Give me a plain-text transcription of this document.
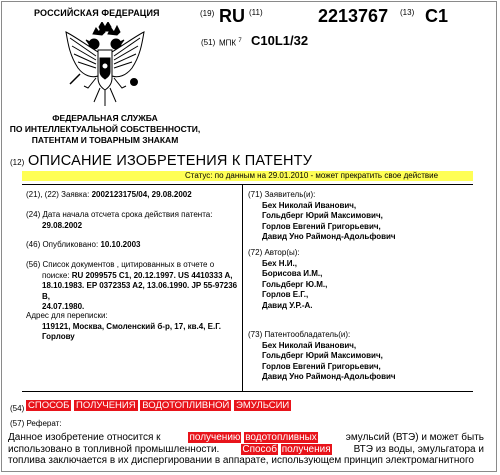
РОССИЙСКАЯ ФЕДЕРАЦИЯ	(19) RU (11)	2213767 (13) C1
(51) МПК $^7$ C10L1/32
ФЕДЕРАЛЬНАЯ СЛУЖБА
ПО ИНТЕЛЛЕКТУАЛЬНОЙ СОБСТВЕННОСТИ,
ПАТЕНТАМ И ТОВАРНЫМ ЗНАКАМ
(12) ОПИСАНИЕ ИЗОБРЕТЕНИЯ К ПАТЕНТУ
Статус: по данным на 29.01.2010 - может прекратить свое действие
(21), (22) Заявка: 2002123175/04, 29.08.2002
(24) Дата начала отсчета срока действия патента:
29.08.2002
(46) Опубликовано: 10.10.2003
(56) Список документов , цитированных в отчете о
поиске: RU 2099575 C1, 20.12.1997. US 4410333 A,
18.10.1983. EP 0372353 A2, 13.06.1990. JP 55-97236 B,
24.07.1980.
Адрес для переписки:
119121, Москва, Смоленский б-р, 17, кв.4, Е.Г.
Горлову
(71) Заявитель(и):
Бех Николай Иванович,
Гольдберг Юрий Максимович,
Горлов Евгений Григорьевич,
Давид Уно Раймонд-Адольфович
(72) Автор(ы):
Бех Н.И.,
Борисова И.М.,
Гольдберг Ю.М.,
Горлов Е.Г.,
Давид У.Р.-А.
(73) Патентообладатель(и):
Бех Николай Иванович,
Гольдберг Юрий Максимович,
Горлов Евгений Григорьевич,
Давид Уно Раймонд-Адольфович
(54) СПОСОБ ПОЛУЧЕНИЯ ВОДОТОПЛИВНОЙ ЭМУЛЬСИИ
(57) Реферат:
Данное изобретение относится к	получению водотопливных	эмульсий (ВТЭ) и может быть
использовано в топливной промышленности. Способ получения ВТЭ из воды, эмульгатора и
топлива заключается в их диспергировании в аппарате, использующем принцип электромагнитного
